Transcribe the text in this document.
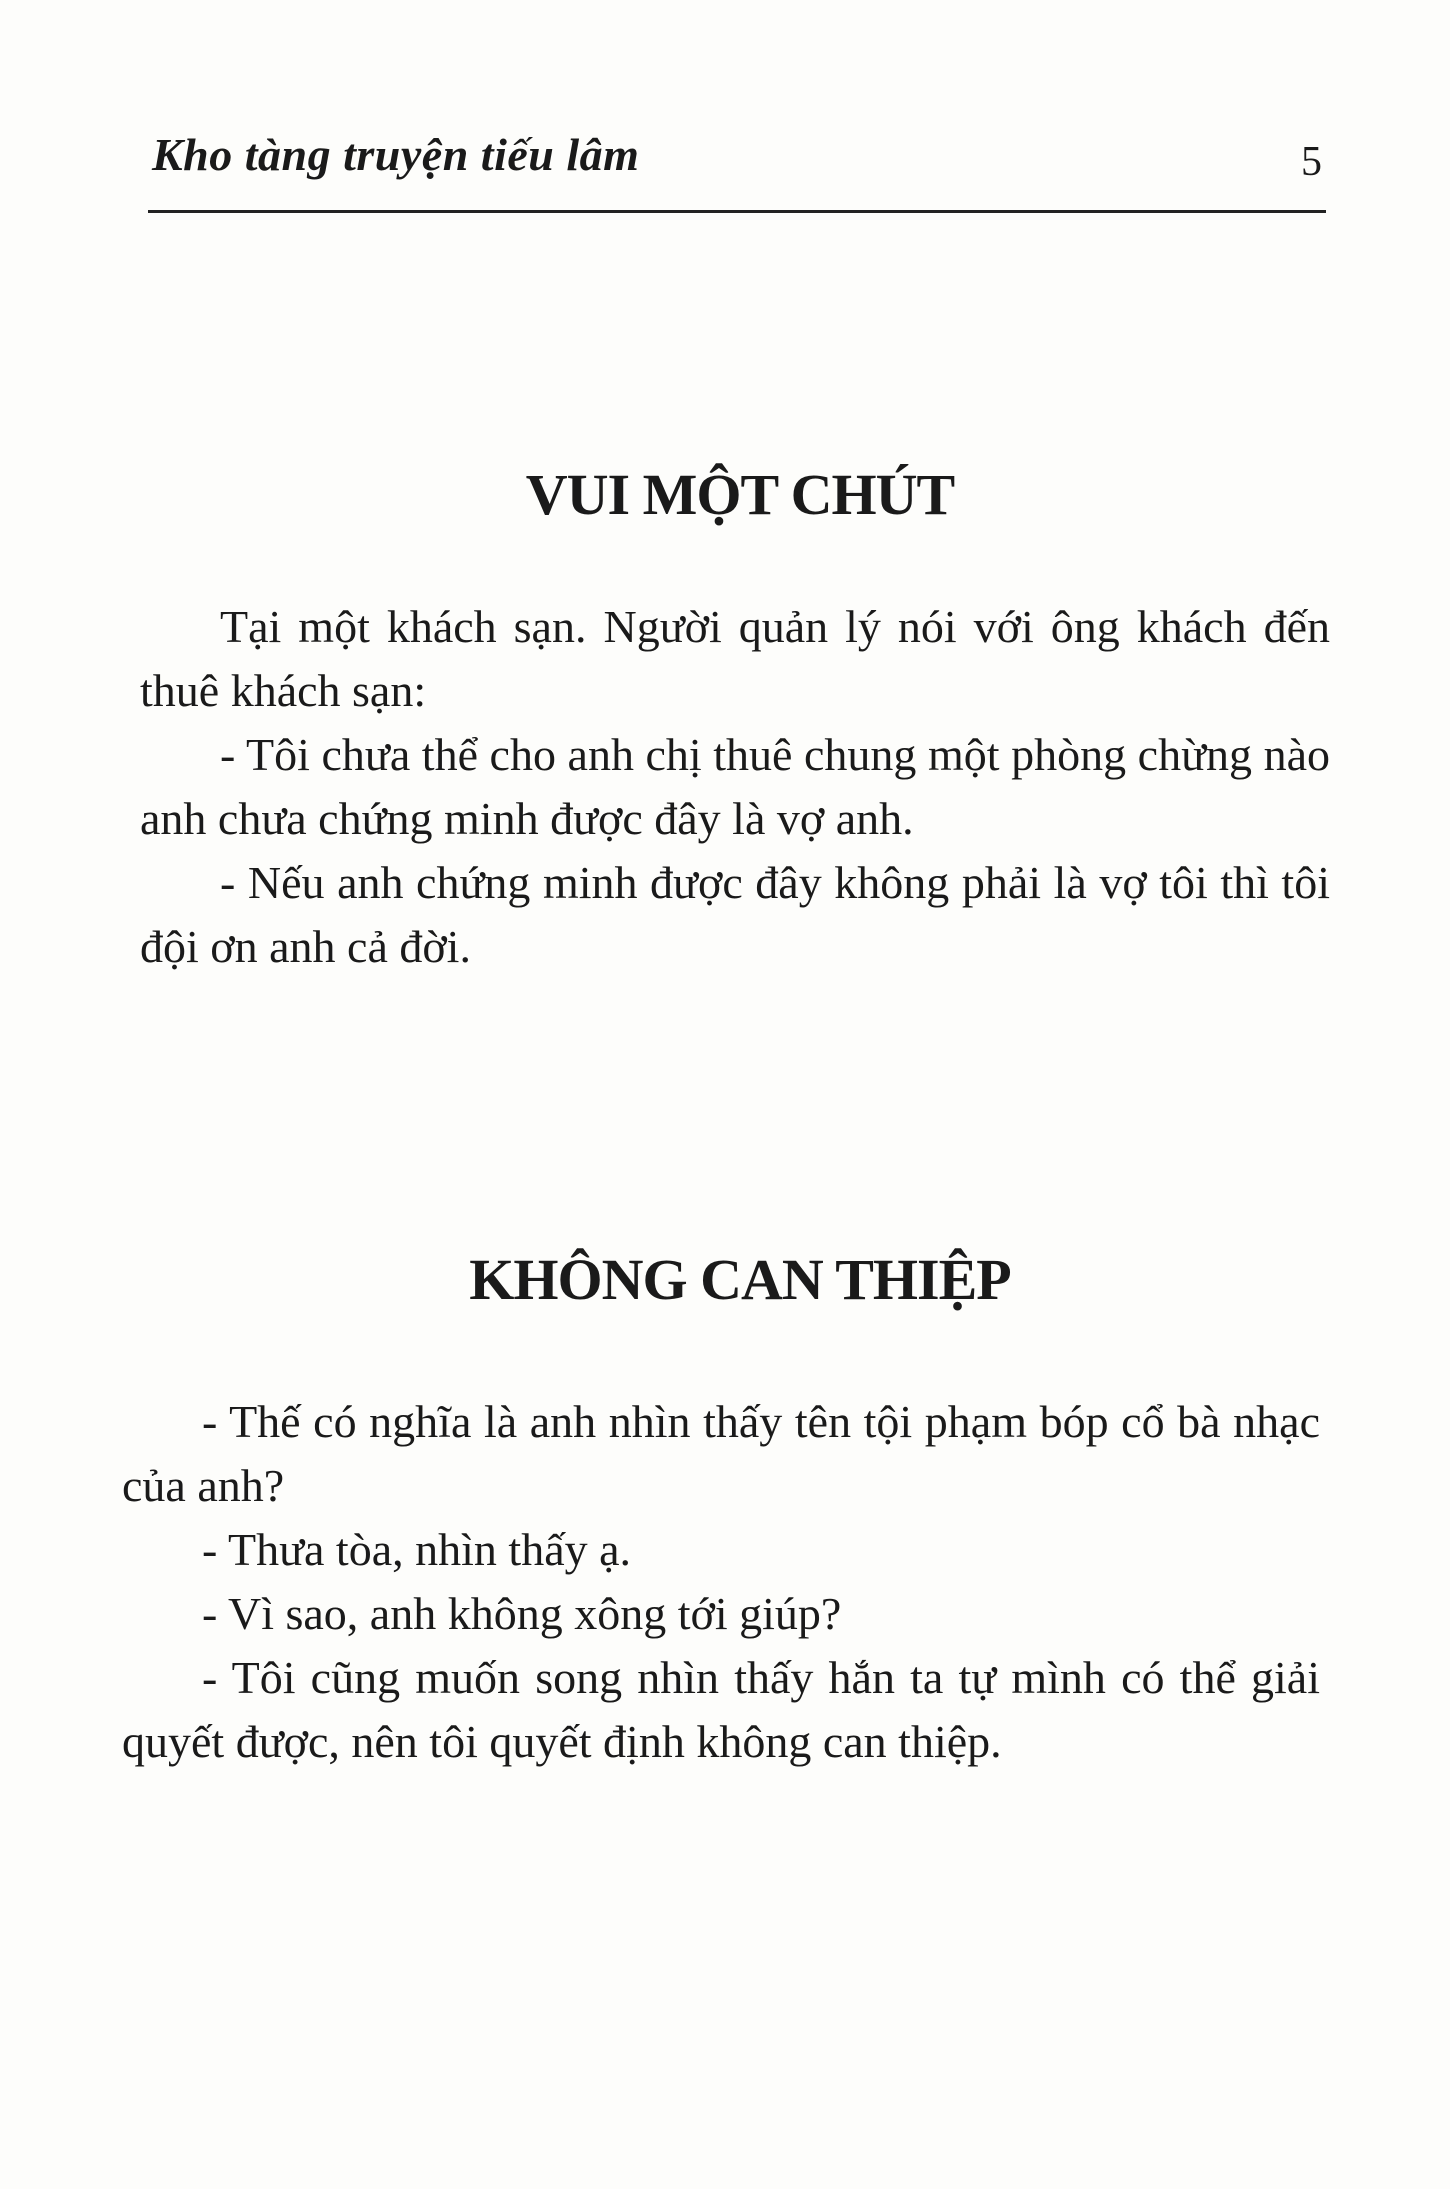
Kho tàng truyện tiếu lâm	5
VUI MỘT CHÚT

Tại một khách sạn. Người quản lý nói với ông khách đến thuê khách sạn:

- Tôi chưa thể cho anh chị thuê chung một phòng chừng nào anh chưa chứng minh được đây là vợ anh.

- Nếu anh chứng minh được đây không phải là vợ tôi thì tôi đội ơn anh cả đời.

KHÔNG CAN THIỆP

- Thế có nghĩa là anh nhìn thấy tên tội phạm bóp cổ bà nhạc của anh?

- Thưa tòa, nhìn thấy ạ.

- Vì sao, anh không xông tới giúp?

- Tôi cũng muốn song nhìn thấy hắn ta tự mình có thể giải quyết được, nên tôi quyết định không can thiệp.
